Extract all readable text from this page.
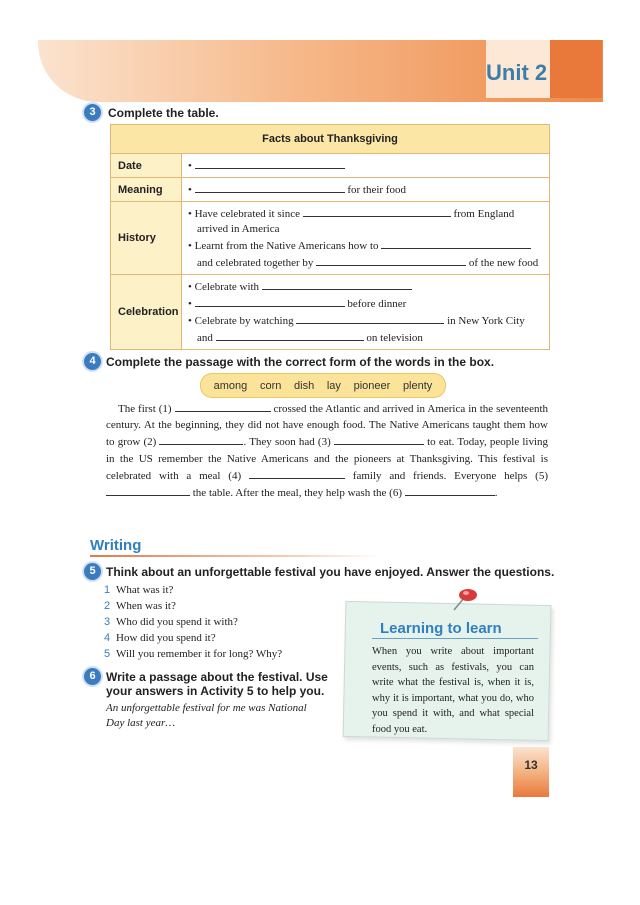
Unit 2
3	Complete the table.
Facts about Thanksgiving	
Date	•
Meaning	• for their food
History	• Have celebrated it since from England
arrived in America
• Learnt from the Native Americans how to
and celebrated together by of the new food

Celebration	• Celebrate with
• before dinner
• Celebrate by watching in New York City
and on television
4 Complete the passage with the correct form of the words in the box.
among corn dish lay pioneer plenty

The first (1)	crossed the Atlantic and arrived in America in the seventeenth century. At the beginning, they did not have enough food. The Native Americans taught them how to grow (2)	. They soon had (3)	to eat. Today, people living in the US remember the Native Americans and the pioneers at Thanksgiving. This festival is celebrated with a meal (4)	family and friends. Everyone helps (5)  the table. After the meal, they help wash the (6)	.

Writing
5 Think about an unforgettable festival you have enjoyed. Answer the questions.
1 What was it?
2 When was it?
3 Who did you spend it with?
4 How did you spend it?
5 Will you remember it for long? Why?
6 Write a passage about the festival. Use
your answers in Activity 5 to help you.
An unforgettable festival for me was National
Day last year…
Learning to learn
When you write about important events, such as festivals, you can write what the festival is, when it is, why it is important, what you do, who you spend it with, and what special food you eat.
13
